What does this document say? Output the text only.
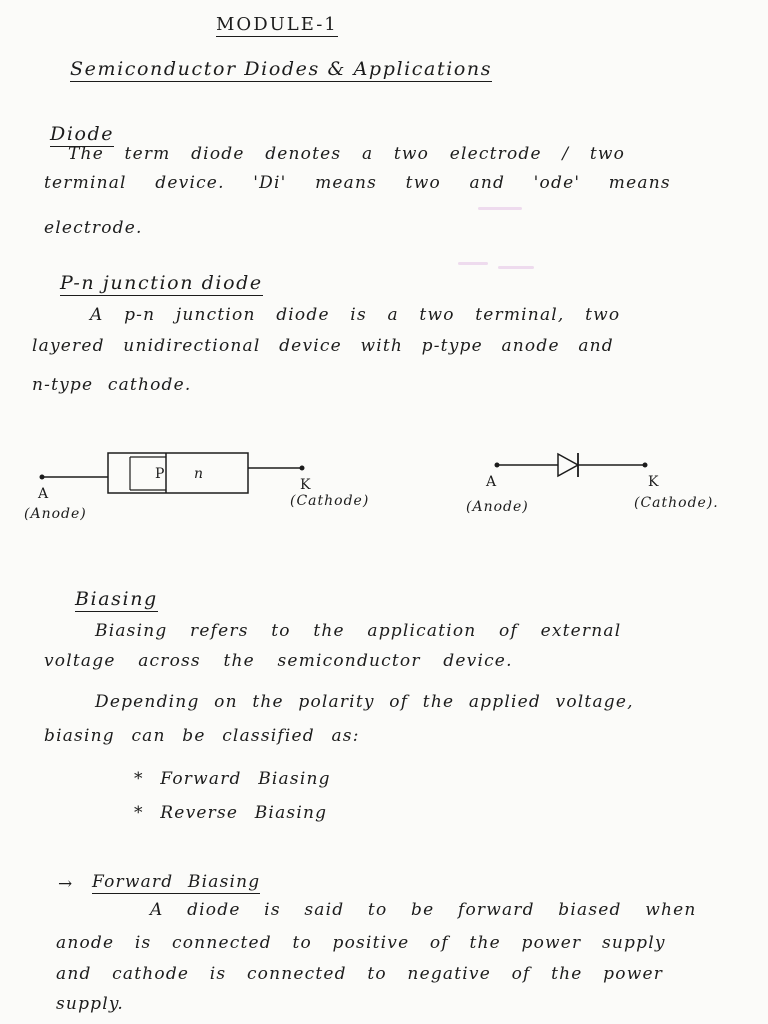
MODULE-1
Semiconductor Diodes & Applications
Diode
The term diode denotes a two electrode / two
terminal device. 'Di' means two and 'ode' means
electrode.
P-n junction diode
A p-n junction diode is a two terminal, two
layered unidirectional device with p-type anode and
n-type cathode.
P n
A
(Anode)
K
(Cathode)
A
(Anode)
K
(Cathode).
Biasing
Biasing refers to the application of external
voltage across the semiconductor device.
Depending on the polarity of the applied voltage,
biasing can be classified as:
* Forward Biasing
* Reverse Biasing
→ Forward Biasing
A diode is said to be forward biased when
anode is connected to positive of the power supply
and cathode is connected to negative of the power
supply.
